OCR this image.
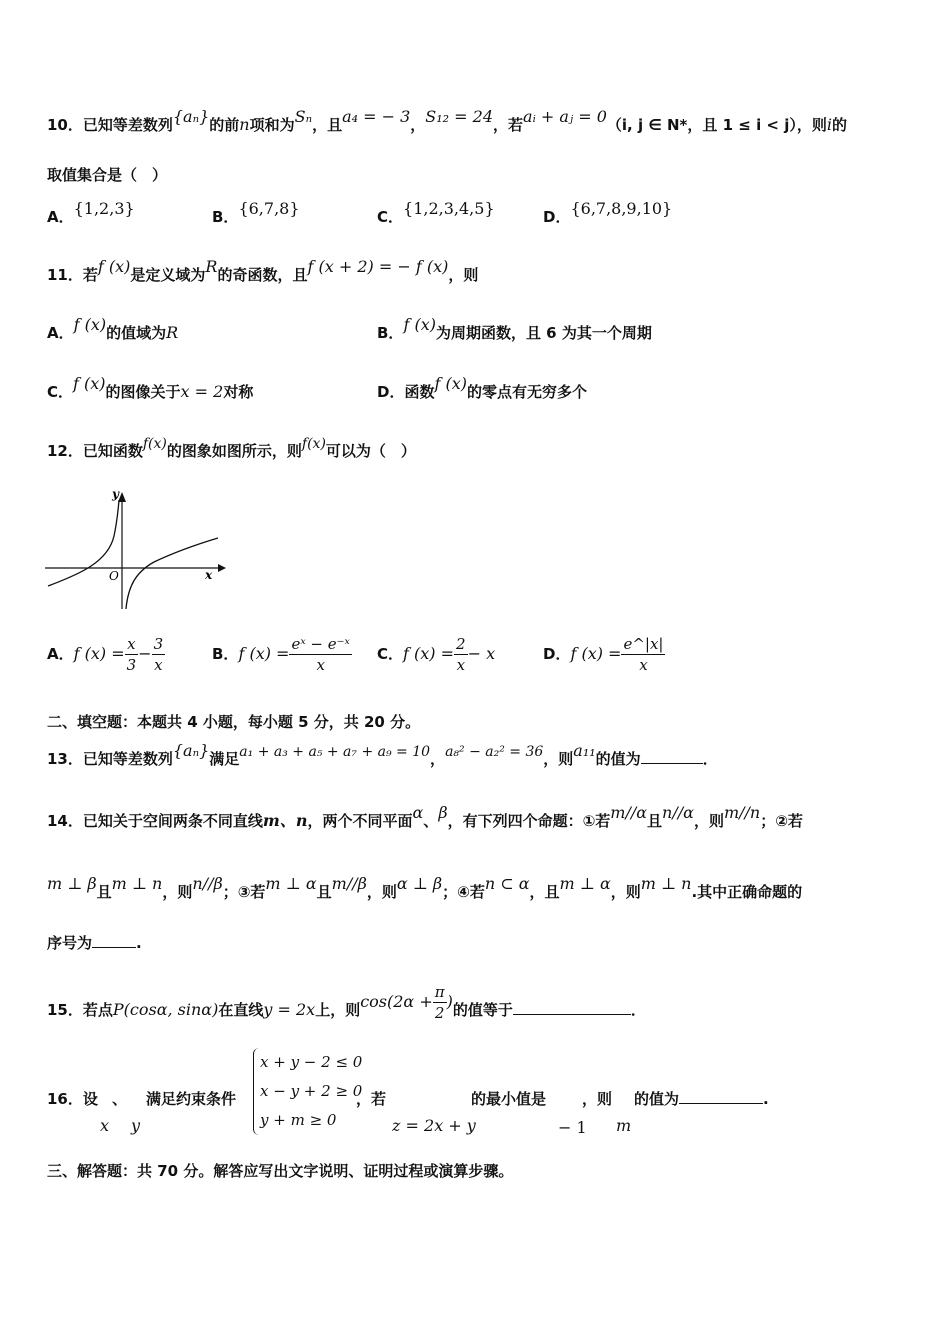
10．已知等差数列{aₙ}的前n项和为Sₙ，且a₄ = − 3，S₁₂ = 24，若aᵢ + aⱼ = 0（i, j ∈ N*，且 1 ≤ i < j），则i的
取值集合是（　）
A．{1,2,3}	B．{6,7,8}	C．{1,2,3,4,5}	D．{6,7,8,9,10}
11．若f (x)是定义域为R的奇函数，且f (x + 2) = − f (x)，则
A．f (x)的值域为R	B．f (x)为周期函数，且 6 为其一个周期
C．f (x)的图像关于x = 2对称	D．函数f (x)的零点有无穷多个
12．已知函数f(x)的图象如图所示，则f(x)可以为（　）
y
x
O
A．f $(x) = \frac{x}{3} - \frac{3}{x}$	B．f $(x) = \frac{\text{eˣ − e⁻ˣ}}{x}$ C．f $(x) = \frac{2}{x} - x$	D．f $(x) = \frac{e\^{}|x|}{x}$
二、填空题：本题共 4 小题，每小题 5 分，共 20 分。
13．已知等差数列{aₙ}满足a₁ + a₃ + a₅ + a₇ + a₉ = 10，a₈² − a₂² = 36，则a₁₁的值为	．
14．已知关于空间两条不同直线m、n，两个不同平面α、β，有下列四个命题：①若m//α且n//α，则m//n；②若
m ⊥ β且m ⊥ n，则n//β；③若m ⊥ α且m//β，则α ⊥ β；④若n ⊂ α，且m ⊥ α，则m ⊥ n.其中正确命题的
序号为	.
15．若点P(cosα, sinα)在直线y = 2x上，则$\cos(2\alpha + \frac{\pi}{2}$ )的值等于	．
16．设 、 满足约束条件
x y
x + y − 2 ≤ 0
x − y + 2 ≥ 0
y + m ≥ 0
，若
z = 2x + y
的最小值是
− 1
，则
m
的值为	.
三、解答题：共 70 分。解答应写出文字说明、证明过程或演算步骤。
